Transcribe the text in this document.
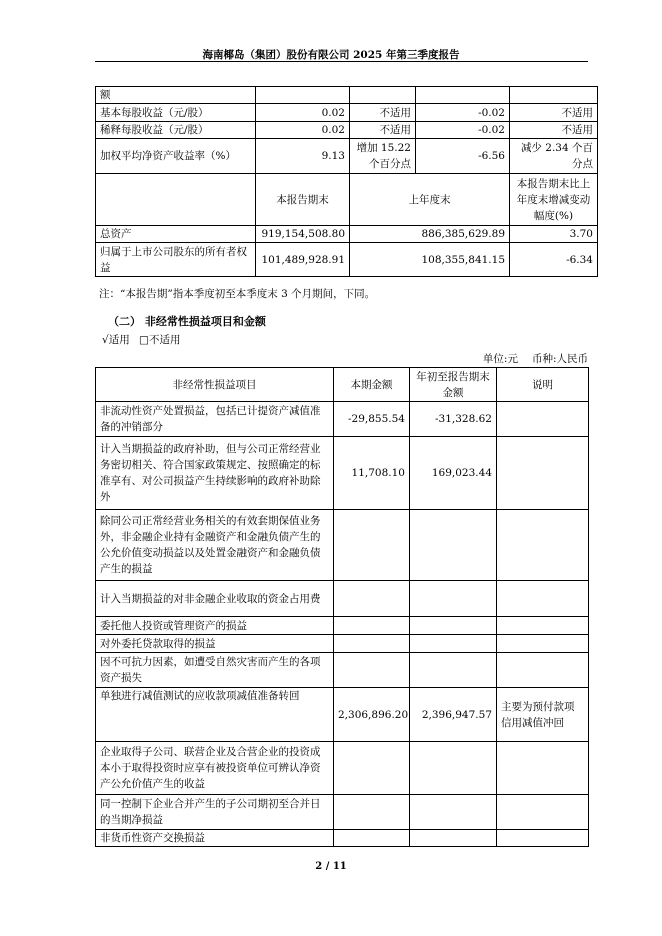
海南椰岛（集团）股份有限公司 2025 年第三季度报告
额				
基本每股收益（元/股）	0.02	不适用	-0.02	不适用
稀释每股收益（元/股）	0.02	不适用	-0.02	不适用
加权平均净资产收益率（%）	9.13	增加 15.22 个百分点	-6.56	减少 2.34 个百分点
	本报告期末	上年度末		本报告期末比上年度末增减变动幅度(%)
总资产	919,154,508.80	886,385,629.89		3.70
归属于上市公司股东的所有者权益	101,489,928.91	108,355,841.15		-6.34
注：“本报告期”指本季度初至本季度末 3 个月期间，下同。
（二） 非经常性损益项目和金额
√适用 □不适用
单位:元 币种:人民币
非经常性损益项目	本期金额	年初至报告期末金额	说明
非流动性资产处置损益，包括已计提资产减值准备的冲销部分	-29,855.54	-31,328.62	
计入当期损益的政府补助，但与公司正常经营业务密切相关、符合国家政策规定、按照确定的标准享有、对公司损益产生持续影响的政府补助除外	11,708.10	169,023.44	
除同公司正常经营业务相关的有效套期保值业务外，非金融企业持有金融资产和金融负债产生的公允价值变动损益以及处置金融资产和金融负债产生的损益			
计入当期损益的对非金融企业收取的资金占用费			
委托他人投资或管理资产的损益			
对外委托贷款取得的损益			
因不可抗力因素，如遭受自然灾害而产生的各项资产损失			
单独进行减值测试的应收款项减值准备转回	2,306,896.20	2,396,947.57	主要为预付款项信用减值冲回
企业取得子公司、联营企业及合营企业的投资成本小于取得投资时应享有被投资单位可辨认净资产公允价值产生的收益			
同一控制下企业合并产生的子公司期初至合并日的当期净损益			
非货币性资产交换损益			
2 / 11
